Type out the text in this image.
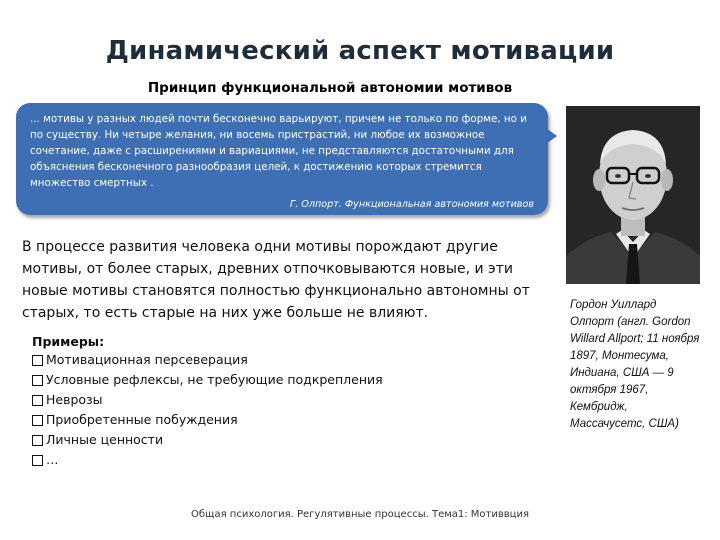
Динамический аспект мотивации
Принцип функциональной автономии мотивов
... мотивы у разных людей почти бесконечно варьируют, причем не только по форме, но и по существу. Ни четыре желания, ни восемь пристрастий, ни любое их возможное сочетание, даже с расширениями и вариациями, не представляются достаточными для объяснения бесконечного разнообразия целей, к достижению которых стремится множество смертных .
Г. Олпорт. Функциональная автономия мотивов
В процессе развития человека одни мотивы порождают другие мотивы, от более старых, древних отпочковываются новые, и эти новые мотивы становятся полностью функционально автономны от старых, то есть старые на них уже больше не влияют.
Примеры:
Мотивационная персеверация
Условные рефлексы, не требующие подкрепления
Неврозы
Приобретенные побуждения
Личные ценности
…
Гордон Уиллард Олпорт (англ. Gordon Willard Allport; 11 ноября 1897, Монтесума, Индиана, США — 9 октября 1967, Кембридж, Массачусетс, США)
Общая психология. Регулятивные процессы. Тема1: Мотиввция
